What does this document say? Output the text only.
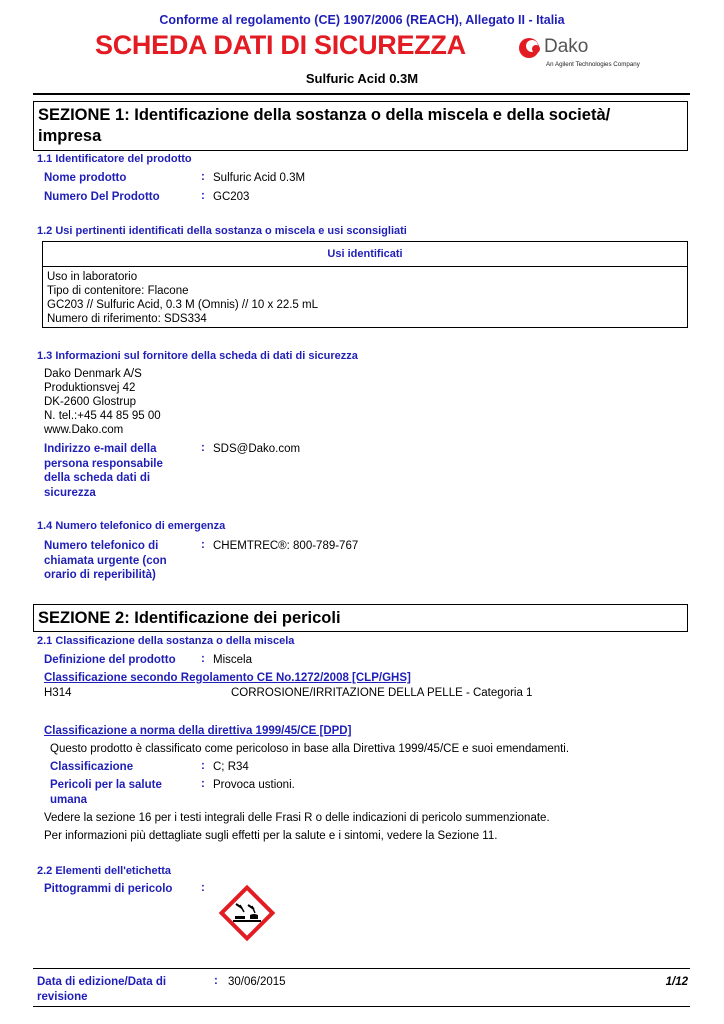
Conforme al regolamento (CE) 1907/2006 (REACH), Allegato II - Italia
SCHEDA DATI DI SICUREZZA	Dako
An Agilent Technologies Company
Sulfuric Acid 0.3M
SEZIONE 1: Identificazione della sostanza o della miscela e della società/
impresa
1.1 Identificatore del prodotto
Nome prodotto	: Sulfuric Acid 0.3M
Numero Del Prodotto	: GC203
1.2 Usi pertinenti identificati della sostanza o miscela e usi sconsigliati
Usi identificati
Uso in laboratorio
Tipo di contenitore: Flacone
GC203 // Sulfuric Acid, 0.3 M (Omnis) // 10 x 22.5 mL
Numero di riferimento: SDS334
1.3 Informazioni sul fornitore della scheda di dati di sicurezza
Dako Denmark A/S
Produktionsvej 42
DK-2600 Glostrup
N. tel.:+45 44 85 95 00
www.Dako.com
Indirizzo e-mail della
persona responsabile
della scheda dati di
sicurezza
: SDS@Dako.com
1.4 Numero telefonico di emergenza
Numero telefonico di
chiamata urgente (con
orario di reperibilità)
: CHEMTREC®: 800-789-767
SEZIONE 2: Identificazione dei pericoli
2.1 Classificazione della sostanza o della miscela
Definizione del prodotto : Miscela
Classificazione secondo Regolamento CE No.1272/2008 [CLP/GHS]
H314	CORROSIONE/IRRITAZIONE DELLA PELLE - Categoria 1
Classificazione a norma della direttiva 1999/45/CE [DPD]
Questo prodotto è classificato come pericoloso in base alla Direttiva 1999/45/CE e suoi emendamenti.
Classificazione	: C; R34
Pericoli per la salute
umana
: Provoca ustioni.
Vedere la sezione 16 per i testi integrali delle Frasi R o delle indicazioni di pericolo summenzionate.
Per informazioni più dettagliate sugli effetti per la salute e i sintomi, vedere la Sezione 11.
2.2 Elementi dell'etichetta
Pittogrammi di pericolo :
Data di edizione/Data di
revisione
: 30/06/2015	1/12
